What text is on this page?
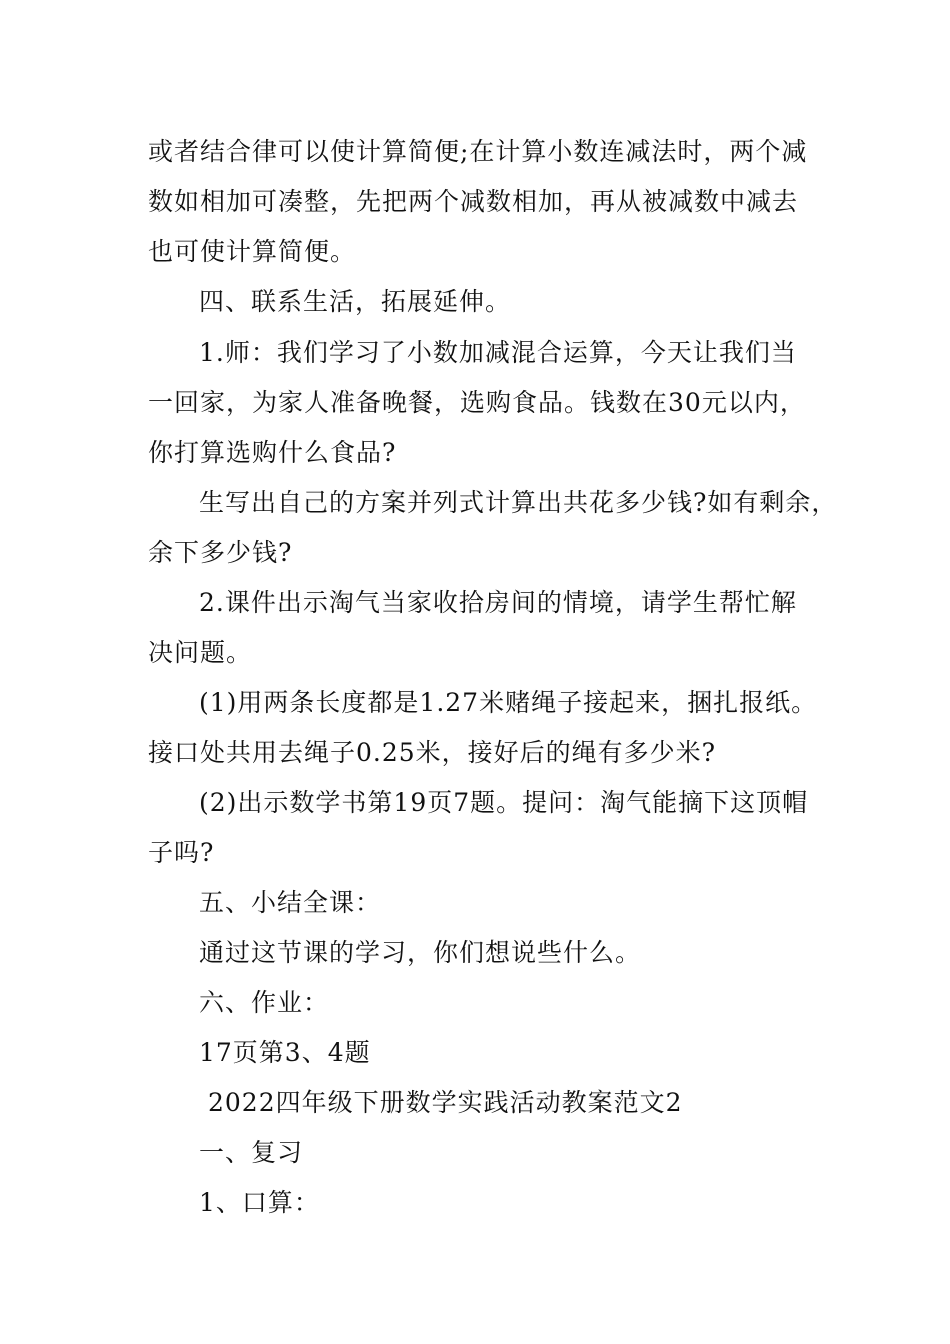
或者结合律可以使计算简便;在计算小数连减法时，两个减
数如相加可凑整，先把两个减数相加，再从被减数中减去
也可使计算简便。
四、联系生活，拓展延伸。
1.师：我们学习了小数加减混合运算，今天让我们当
一回家，为家人准备晚餐，选购食品。钱数在30元以内，
你打算选购什么食品?
生写出自己的方案并列式计算出共花多少钱?如有剩余，
余下多少钱?
2.课件出示淘气当家收拾房间的情境，请学生帮忙解
决问题。
(1)用两条长度都是1.27米赌绳子接起来，捆扎报纸。
接口处共用去绳子0.25米，接好后的绳有多少米?
(2)出示数学书第19页7题。提问：淘气能摘下这顶帽
子吗?
五、小结全课：
通过这节课的学习，你们想说些什么。
六、作业：
17页第3、4题
2022四年级下册数学实践活动教案范文2
一、复习
1、口算：
